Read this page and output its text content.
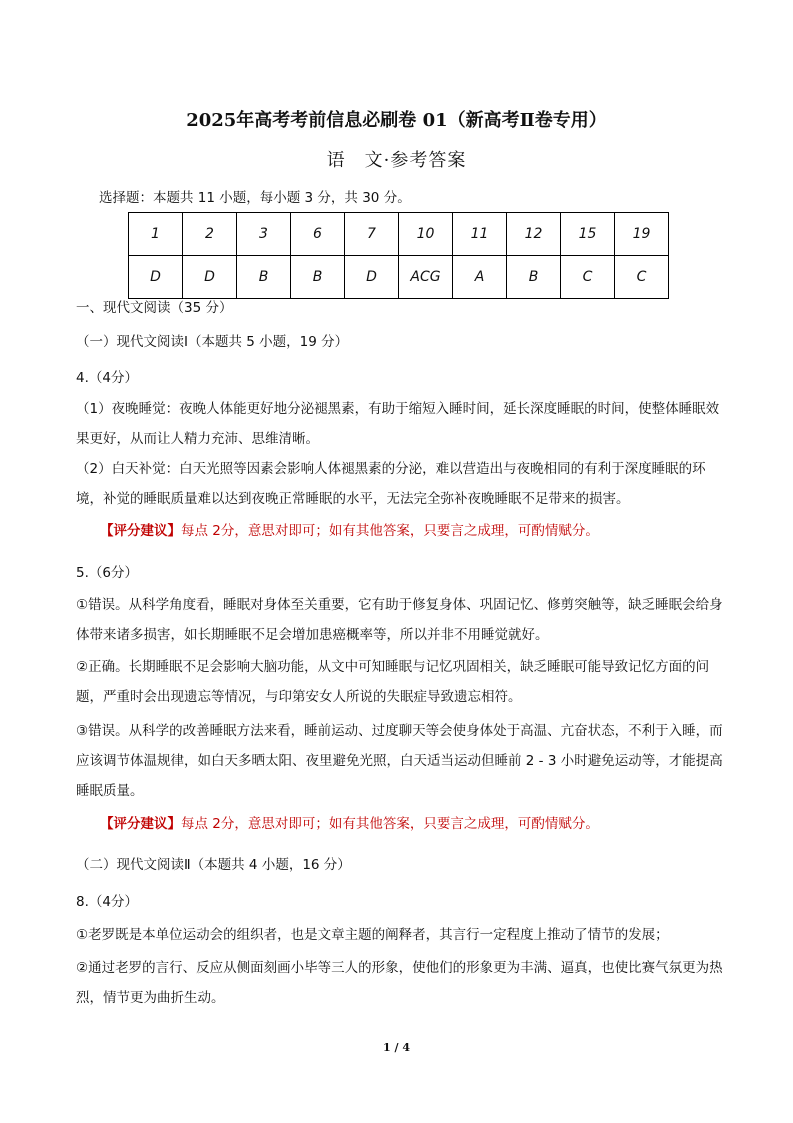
2025年高考考前信息必刷卷 01（新高考Ⅱ卷专用）
语　文·参考答案
选择题：本题共 11 小题，每小题 3 分，共 30 分。
1	2	3	6	7	10	11	12	15	19
D	D	B	B	D	ACG	A	B	C	C
一、现代文阅读（35 分）
（一）现代文阅读Ⅰ（本题共 5 小题，19 分）
4.（4分）
（1）夜晚睡觉：夜晚人体能更好地分泌褪黑素，有助于缩短入睡时间，延长深度睡眠的时间，使整体睡眠效果更好，从而让人精力充沛、思维清晰。
（2）白天补觉：白天光照等因素会影响人体褪黑素的分泌，难以营造出与夜晚相同的有利于深度睡眠的环境，补觉的睡眠质量难以达到夜晚正常睡眠的水平，无法完全弥补夜晚睡眠不足带来的损害。
【评分建议】每点 2分，意思对即可；如有其他答案，只要言之成理，可酌情赋分。
5.（6分）
①错误。从科学角度看，睡眠对身体至关重要，它有助于修复身体、巩固记忆、修剪突触等，缺乏睡眠会给身体带来诸多损害，如长期睡眠不足会增加患癌概率等，所以并非不用睡觉就好。
②正确。长期睡眠不足会影响大脑功能，从文中可知睡眠与记忆巩固相关，缺乏睡眠可能导致记忆方面的问题，严重时会出现遗忘等情况，与印第安女人所说的失眠症导致遗忘相符。
③错误。从科学的改善睡眠方法来看，睡前运动、过度聊天等会使身体处于高温、亢奋状态，不利于入睡，而应该调节体温规律，如白天多晒太阳、夜里避免光照，白天适当运动但睡前 2 - 3 小时避免运动等，才能提高睡眠质量。
【评分建议】每点 2分，意思对即可；如有其他答案，只要言之成理，可酌情赋分。
（二）现代文阅读Ⅱ（本题共 4 小题，16 分）
8.（4分）
①老罗既是本单位运动会的组织者，也是文章主题的阐释者，其言行一定程度上推动了情节的发展；
②通过老罗的言行、反应从侧面刻画小毕等三人的形象，使他们的形象更为丰满、逼真，也使比赛气氛更为热烈，情节更为曲折生动。
1 / 4
